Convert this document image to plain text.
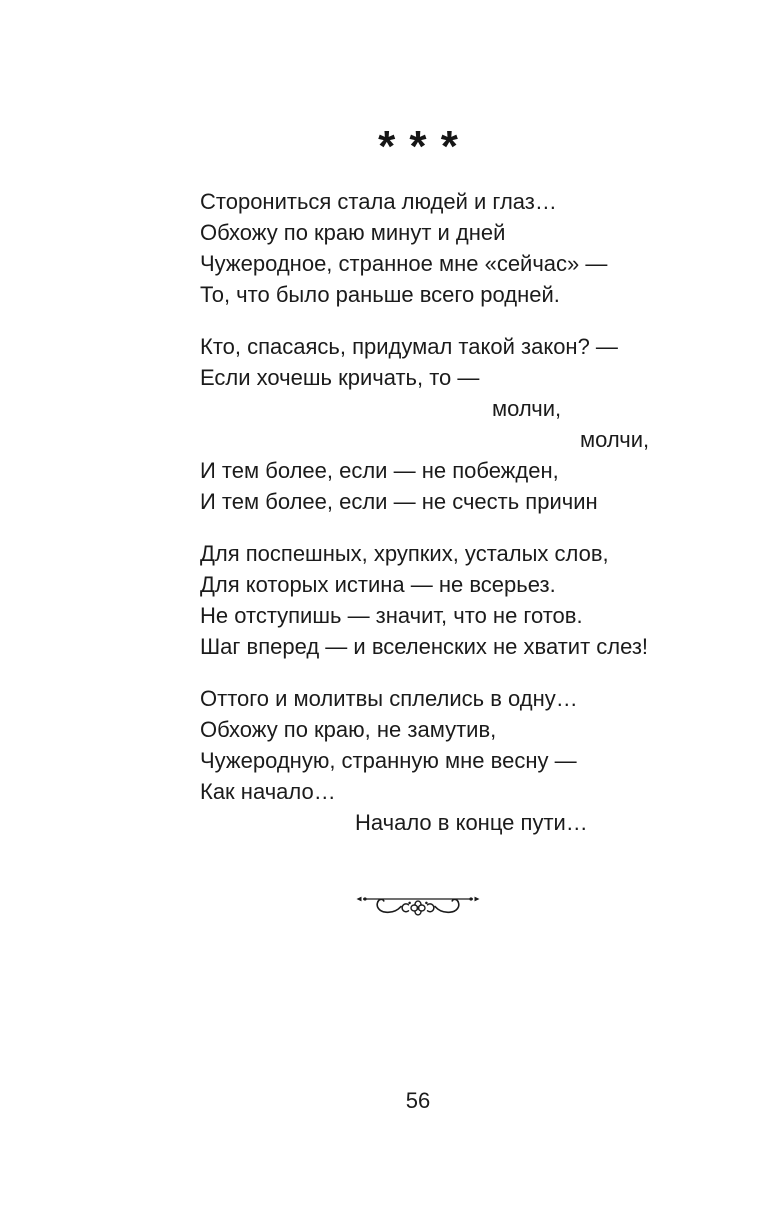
* * *
Сторониться стала людей и глаз…
Обхожу по краю минут и дней
Чужеродное, странное мне «сейчас» —
То, что было раньше всего родней.
Кто, спасаясь, придумал такой закон? —
Если хочешь кричать, то —
молчи,
молчи,
И тем более, если — не побежден,
И тем более, если — не счесть причин
Для поспешных, хрупких, усталых слов,
Для которых истина — не всерьез.
Не отступишь — значит, что не готов.
Шаг вперед — и вселенских не хватит слез!
Оттого и молитвы сплелись в одну…
Обхожу по краю, не замутив,
Чужеродную, странную мне весну —
Как начало…
Начало в конце пути…
56
